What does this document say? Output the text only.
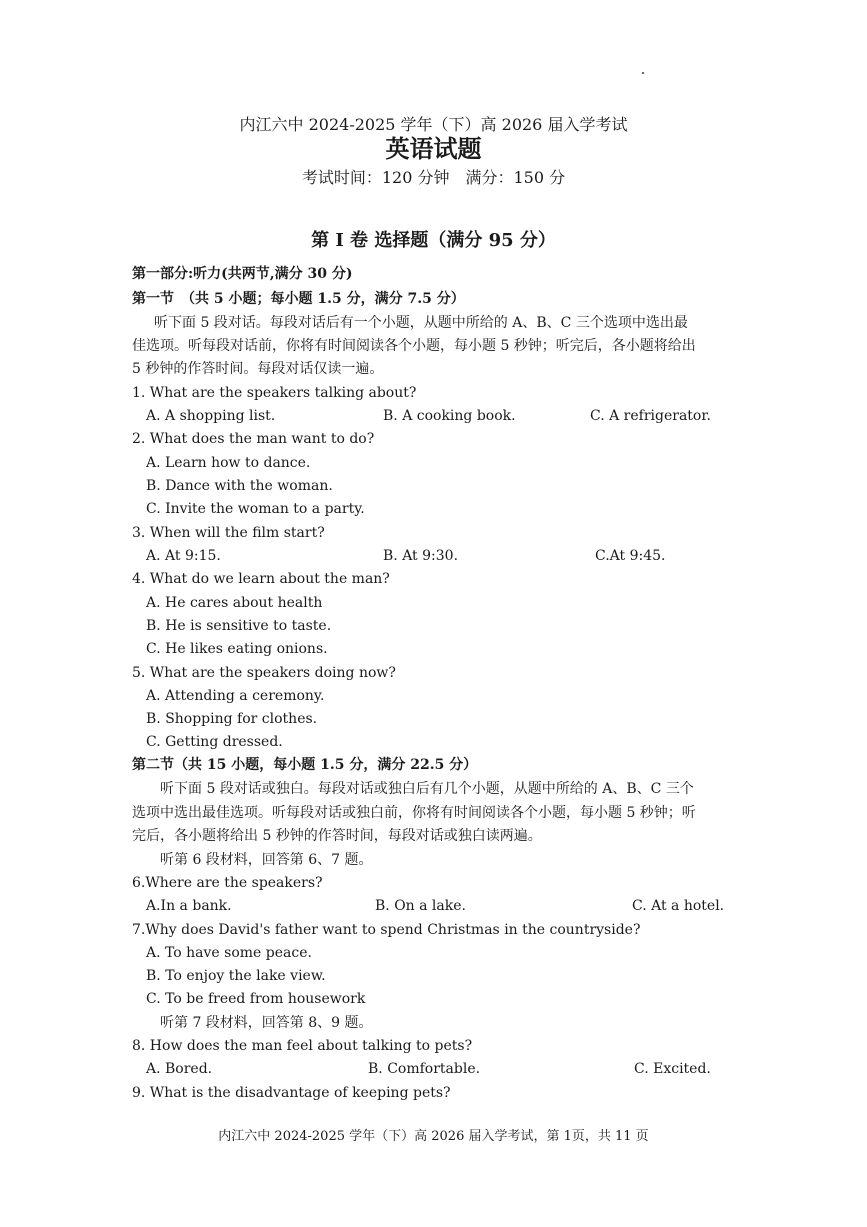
内江六中 2024-2025 学年（下）高 2026 届入学考试
英语试题
考试时间：120 分钟　满分：150 分
第 I 卷 选择题（满分 95 分）
第一部分:听力(共两节,满分 30 分)
第一节　（共 5 小题；每小题 1.5 分，满分 7.5 分）
听下面 5 段对话。每段对话后有一个小题，从题中所给的 A、B、C 三个选项中选出最
佳选项。听每段对话前，你将有时间阅读各个小题，每小题 5 秒钟；听完后，各小题将给出
5 秒钟的作答时间。每段对话仅读一遍。
1. What are the speakers talking about?
A. A shopping list.	B. A cooking book.	C. A refrigerator.
2. What does the man want to do?
A. Learn how to dance.
B. Dance with the woman.
C. Invite the woman to a party.
3. When will the film start?
A. At 9:15.	B. At 9:30.	C.At 9:45.
4. What do we learn about the man?
A. He cares about health
B. He is sensitive to taste.
C. He likes eating onions.
5. What are the speakers doing now?
A. Attending a ceremony.
B. Shopping for clothes.
C. Getting dressed.
第二节（共 15 小题，每小题 1.5 分，满分 22.5 分）
听下面 5 段对话或独白。每段对话或独白后有几个小题，从题中所给的 A、B、C 三个
选项中选出最佳选项。听每段对话或独白前，你将有时间阅读各个小题，每小题 5 秒钟；听
完后，各小题将给出 5 秒钟的作答时间，每段对话或独白读两遍。
听第 6 段材料，回答第 6、7 题。
6.Where are the speakers?
A.In a bank.	B. On a lake.	C. At a hotel.
7.Why does David's father want to spend Christmas in the countryside?
A. To have some peace.
B. To enjoy the lake view.
C. To be freed from housework
听第 7 段材料，回答第 8、9 题。
8. How does the man feel about talking to pets?
A. Bored.	B. Comfortable.	C. Excited.
9. What is the disadvantage of keeping pets?
内江六中 2024-2025 学年（下）高 2026 届入学考试，第 1页，共 11 页
